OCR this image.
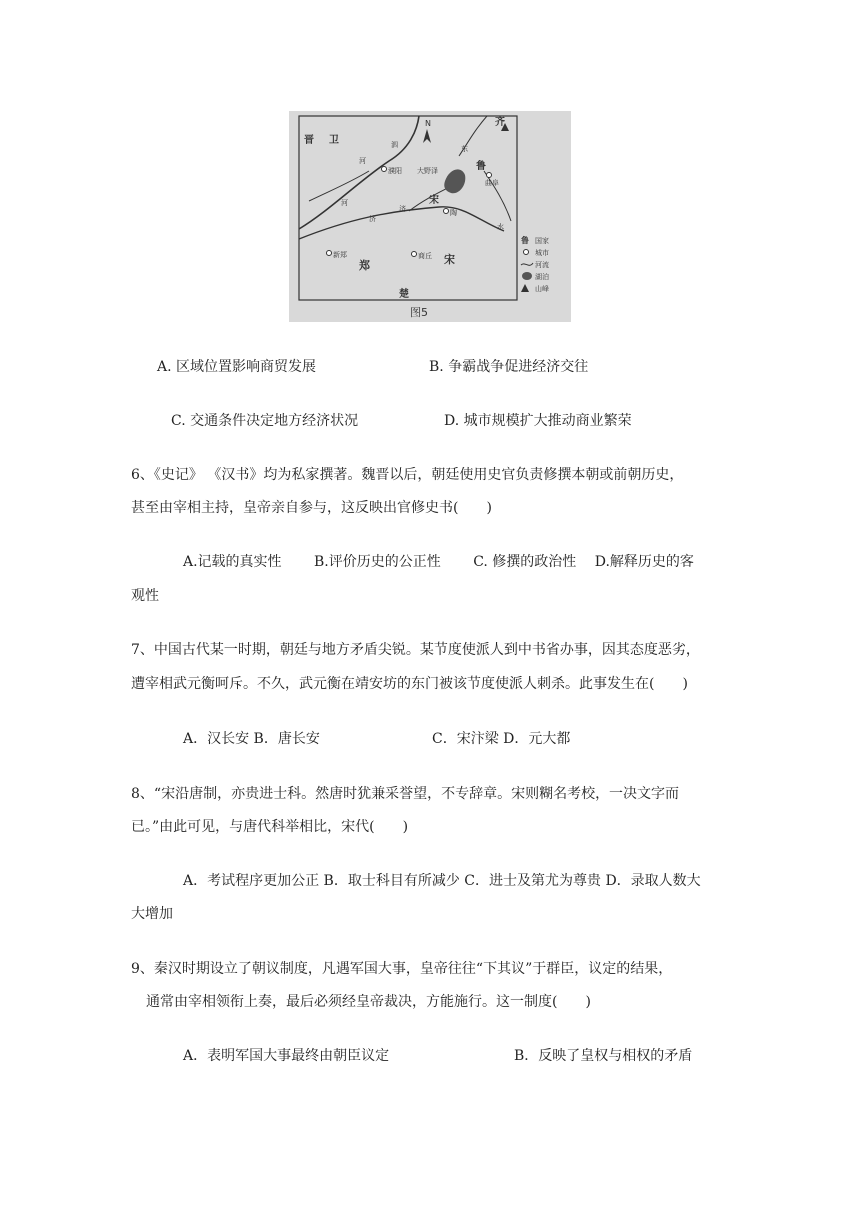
N
晋 卫
齐
鲁
宋
宋
郑
楚
濮阳 大野泽
曲阜
陶
新郑	商丘
河
河
济
济
泗	东
水
鲁 国家
城市
河流
湖泊
山峰
图5
A. 区域位置影响商贸发展	B. 争霸战争促进经济交往
C. 交通条件决定地方经济状况	D. 城市规模扩大推动商业繁荣
6、《史记》 《汉书》均为私家撰著。魏晋以后，朝廷使用史官负责修撰本朝或前朝历史，
甚至由宰相主持，皇帝亲自参与，这反映出官修史书(　　)
A.记载的真实性　　 B.评价历史的公正性　　 C. 修撰的政治性　 D.解释历史的客
观性
7、中国古代某一时期，朝廷与地方矛盾尖锐。某节度使派人到中书省办事，因其态度恶劣，
遭宰相武元衡呵斥。不久，武元衡在靖安坊的东门被该节度使派人刺杀。此事发生在(　　)
A．汉长安 B．唐长安	C．宋汴梁 D．元大都
8、“宋沿唐制，亦贵进士科。然唐时犹兼采誉望，不专辞章。宋则糊名考校，一决文字而
已。”由此可见，与唐代科举相比，宋代(　　)
A．考试程序更加公正 B．取士科目有所减少 C．进士及第尤为尊贵 D．录取人数大
大增加
9、秦汉时期设立了朝议制度，凡遇军国大事，皇帝往往“下其议”于群臣，议定的结果，
通常由宰相领衔上奏，最后必须经皇帝裁决，方能施行。这一制度(　　)
A．表明军国大事最终由朝臣议定	B．反映了皇权与相权的矛盾
